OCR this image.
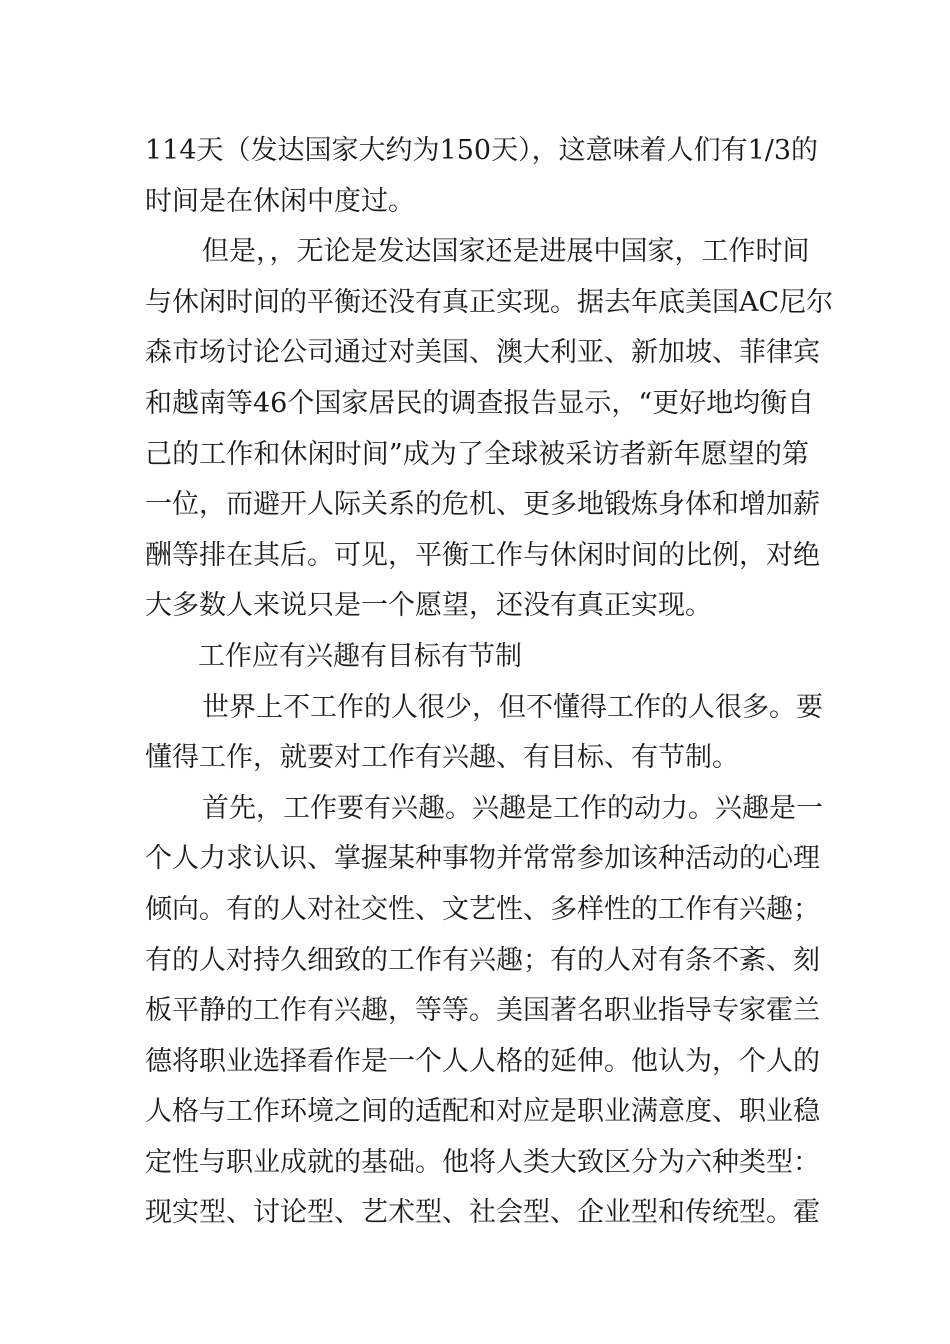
114天（发达国家大约为150天），这意味着人们有1/3的
时间是在休闲中度过。
但是，，无论是发达国家还是进展中国家，工作时间
与休闲时间的平衡还没有真正实现。据去年底美国AC尼尔
森市场讨论公司通过对美国、澳大利亚、新加坡、菲律宾
和越南等46个国家居民的调查报告显示，“更好地均衡自
己的工作和休闲时间”成为了全球被采访者新年愿望的第
一位，而避开人际关系的危机、更多地锻炼身体和增加薪
酬等排在其后。可见，平衡工作与休闲时间的比例，对绝
大多数人来说只是一个愿望，还没有真正实现。
工作应有兴趣有目标有节制
世界上不工作的人很少，但不懂得工作的人很多。要
懂得工作，就要对工作有兴趣、有目标、有节制。
首先，工作要有兴趣。兴趣是工作的动力。兴趣是一
个人力求认识、掌握某种事物并常常参加该种活动的心理
倾向。有的人对社交性、文艺性、多样性的工作有兴趣；
有的人对持久细致的工作有兴趣；有的人对有条不紊、刻
板平静的工作有兴趣，等等。美国著名职业指导专家霍兰
德将职业选择看作是一个人人格的延伸。他认为，个人的
人格与工作环境之间的适配和对应是职业满意度、职业稳
定性与职业成就的基础。他将人类大致区分为六种类型：
现实型、讨论型、艺术型、社会型、企业型和传统型。霍
